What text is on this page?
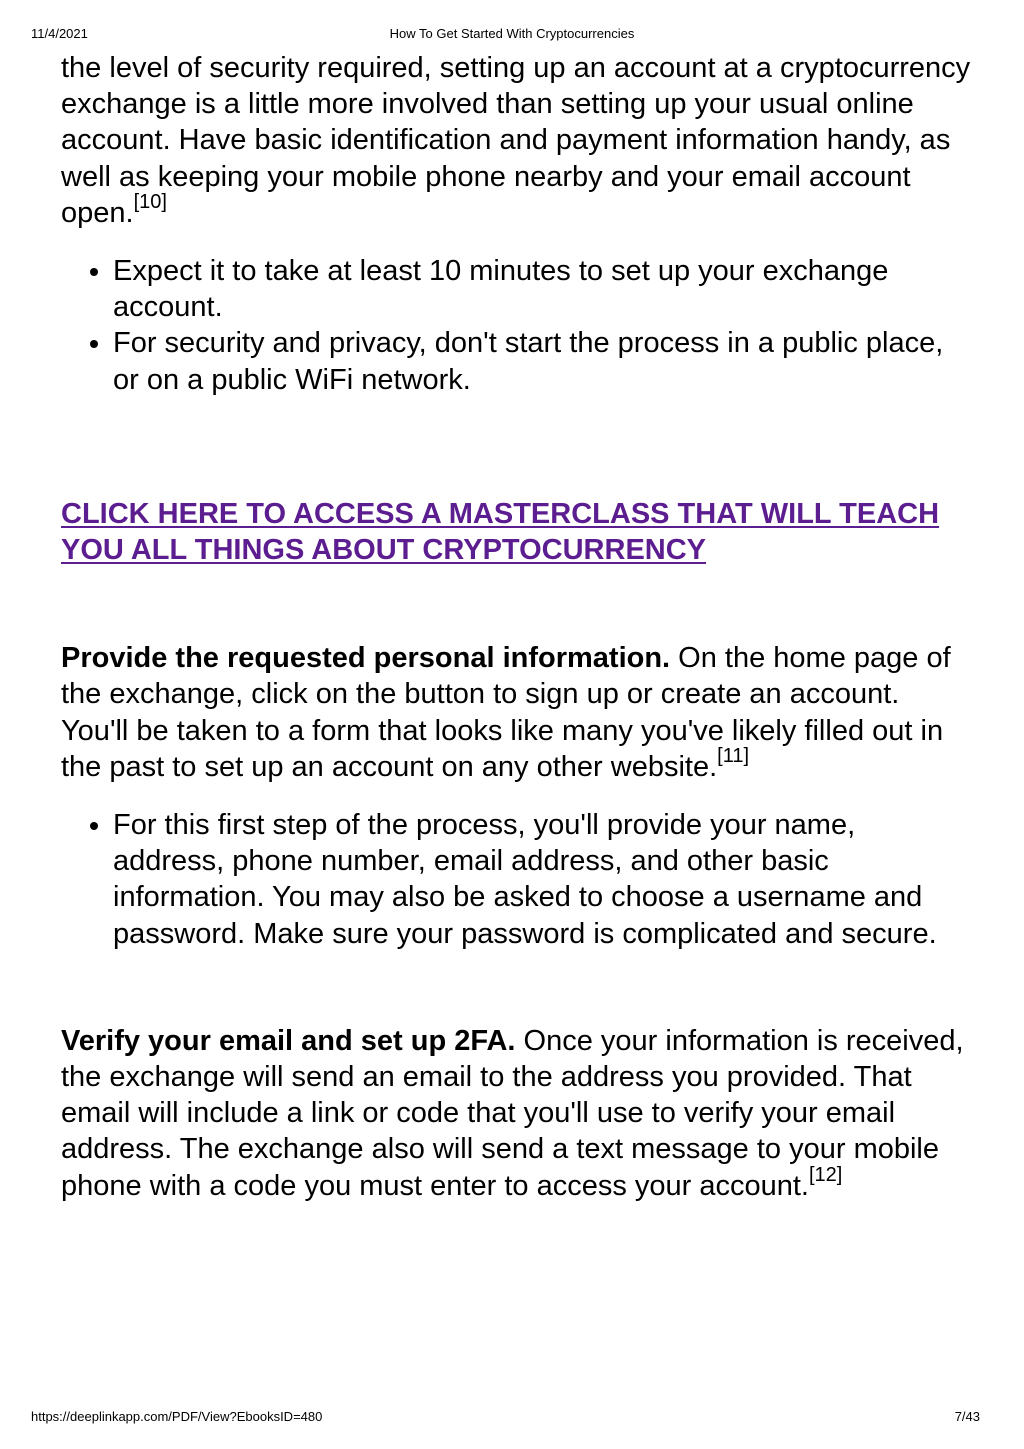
11/4/2021	How To Get Started With Cryptocurrencies

the level of security required, setting up an account at a cryptocurrency exchange is a little more involved than setting up your usual online account. Have basic identification and payment information handy, as well as keeping your mobile phone nearby and your email account open.[10]

• Expect it to take at least 10 minutes to set up your exchange account.
• For security and privacy, don't start the process in a public place, or on a public WiFi network.
CLICK HERE TO ACCESS A MASTERCLASS THAT WILL TEACH YOU ALL THINGS ABOUT CRYPTOCURRENCY

Provide the requested personal information. On the home page of the exchange, click on the button to sign up or create an account. You'll be taken to a form that looks like many you've likely filled out in the past to set up an account on any other website.[11]

• For this first step of the process, you'll provide your name, address, phone number, email address, and other basic information. You may also be asked to choose a username and password. Make sure your password is complicated and secure.

Verify your email and set up 2FA. Once your information is received, the exchange will send an email to the address you provided. That email will include a link or code that you'll use to verify your email address. The exchange also will send a text message to your mobile phone with a code you must enter to access your account.[12]

https://deeplinkapp.com/PDF/View?EbooksID=480	7/43
